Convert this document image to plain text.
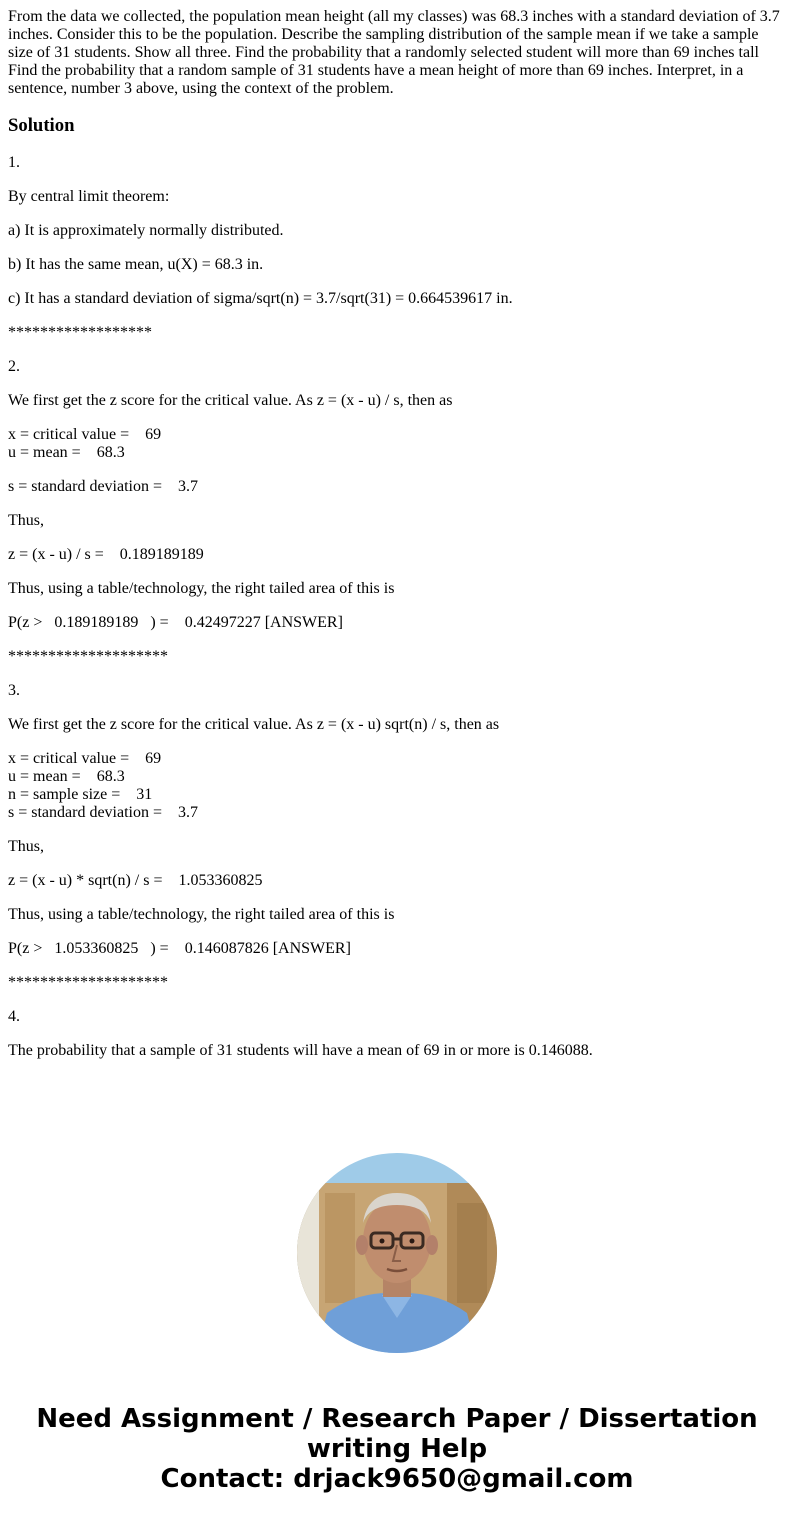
From the data we collected, the population mean height (all my classes) was 68.3 inches with a standard deviation of 3.7 inches. Consider this to be the population. Describe the sampling distribution of the sample mean if we take a sample size of 31 students. Show all three. Find the probability that a randomly selected student will more than 69 inches tall Find the probability that a random sample of 31 students have a mean height of more than 69 inches. Interpret, in a sentence, number 3 above, using the context of the problem.

Solution

1.

By central limit theorem:

a) It is approximately normally distributed.

b) It has the same mean, u(X) = 68.3 in.

c) It has a standard deviation of sigma/sqrt(n) = 3.7/sqrt(31) = 0.664539617 in.

******************

2.

We first get the z score for the critical value. As z = (x - u) / s, then as

x = critical value =    69
u = mean =    68.3

s = standard deviation =    3.7

Thus,

z = (x - u) / s =    0.189189189

Thus, using a table/technology, the right tailed area of this is

P(z >   0.189189189   ) =    0.42497227 [ANSWER]

********************

3.

We first get the z score for the critical value. As z = (x - u) sqrt(n) / s, then as

x = critical value =    69
u = mean =    68.3
n = sample size =    31
s = standard deviation =    3.7

Thus,

z = (x - u) * sqrt(n) / s =    1.053360825

Thus, using a table/technology, the right tailed area of this is

P(z >   1.053360825   ) =    0.146087826 [ANSWER]

********************

4.

The probability that a sample of 31 students will have a mean of 69 in or more is 0.146088.

Need Assignment / Research Paper / Dissertation
writing Help
Contact: drjack9650@gmail.com
